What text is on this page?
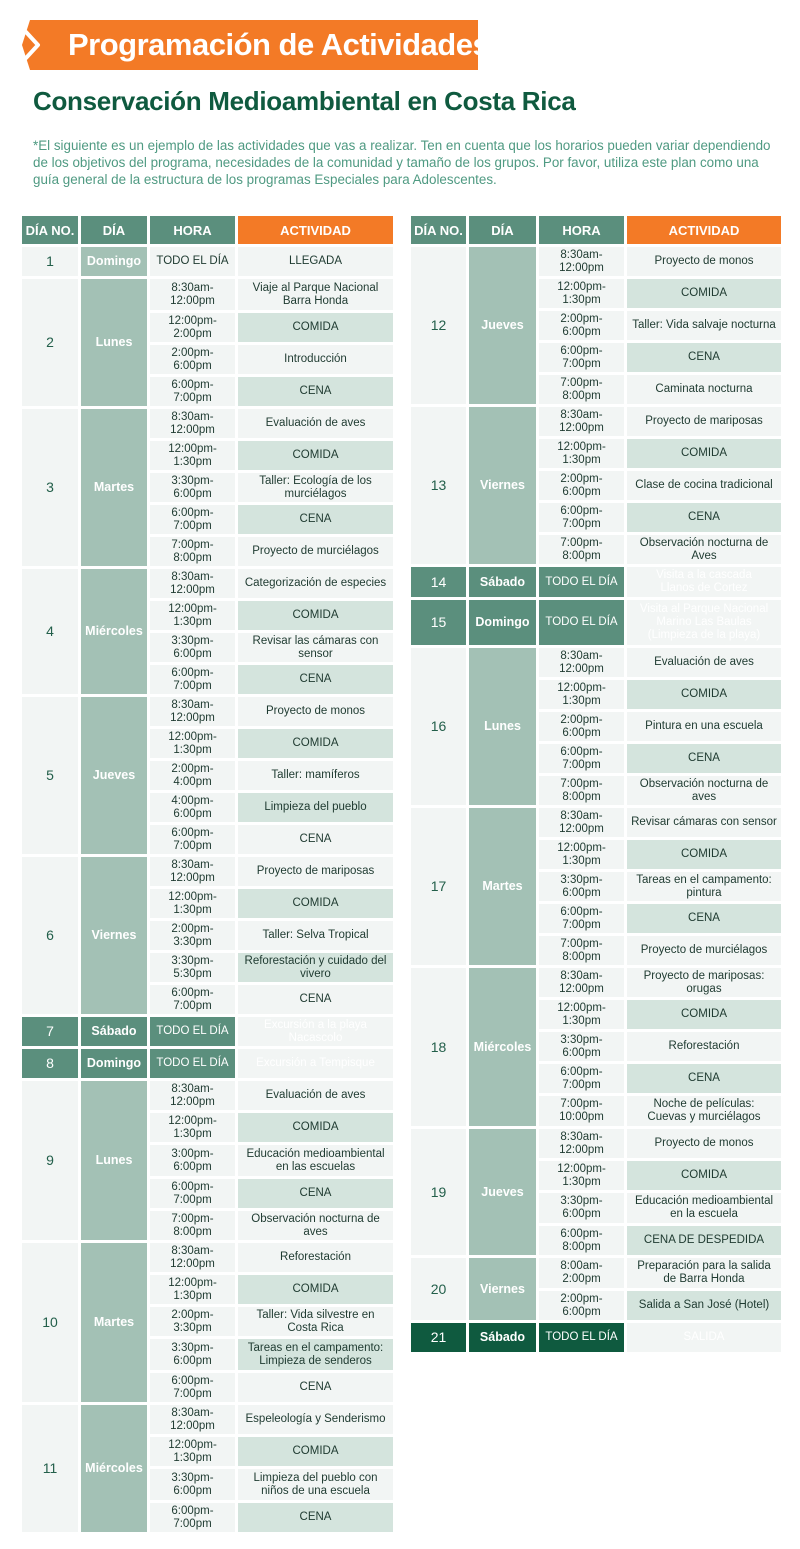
Programación de Actividades
Conservación Medioambiental en Costa Rica
*El siguiente es un ejemplo de las actividades que vas a realizar. Ten en cuenta que los horarios pueden variar dependiendo de los objetivos del programa, necesidades de la comunidad y tamaño de los grupos. Por favor, utiliza este plan como una guía general de la estructura de los programas Especiales para Adolescentes.
DÍA NO.	DÍA	HORA	ACTIVIDAD
1	Domingo	TODO EL DÍA	LLEGADA
2	Lunes	8:30am-12:00pm	Viaje al Parque Nacional
Barra Honda
		12:00pm-2:00pm	COMIDA
		2:00pm-6:00pm	Introducción
		6:00pm-7:00pm	CENA
3	Martes	8:30am-12:00pm	Evaluación de aves
		12:00pm-1:30pm	COMIDA
		3:30pm-6:00pm	Taller: Ecología de los murciélagos
		6:00pm-7:00pm	CENA
		7:00pm-8:00pm	Proyecto de murciélagos
4	Miércoles	8:30am-12:00pm	Categorización de especies
		12:00pm-1:30pm	COMIDA
		3:30pm-6:00pm	Revisar las cámaras con sensor
		6:00pm-7:00pm	CENA
5	Jueves	8:30am-12:00pm	Proyecto de monos
		12:00pm-1:30pm	COMIDA
		2:00pm-4:00pm	Taller: mamíferos
		4:00pm-6:00pm	Limpieza del pueblo
		6:00pm-7:00pm	CENA
6	Viernes	8:30am-12:00pm	Proyecto de mariposas
		12:00pm-1:30pm	COMIDA
		2:00pm-3:30pm	Taller: Selva Tropical
		3:30pm-5:30pm	Reforestación y cuidado del vivero
		6:00pm-7:00pm	CENA
7	Sábado	TODO EL DÍA	Excursión a la playa Nacascolo
8	Domingo	TODO EL DÍA	Excursión a Tempisque
9	Lunes	8:30am-12:00pm	Evaluación de aves
		12:00pm-1:30pm	COMIDA
		3:00pm-6:00pm	Educación medioambiental
en las escuelas
		6:00pm-7:00pm	CENA
		7:00pm-8:00pm	Observación nocturna de aves
10	Martes	8:30am-12:00pm	Reforestación
		12:00pm-1:30pm	COMIDA
		2:00pm-3:30pm	Taller: Vida silvestre en Costa Rica
		3:30pm-6:00pm	Tareas en el campamento:
Limpieza de senderos
		6:00pm-7:00pm	CENA
11	Miércoles	8:30am-12:00pm	Espeleología y Senderismo
		12:00pm-1:30pm	COMIDA
		3:30pm-6:00pm	Limpieza del pueblo con
niños de una escuela
		6:00pm-7:00pm	CENA
DÍA NO.	DÍA	HORA	ACTIVIDAD
12	Jueves	8:30am-12:00pm	Proyecto de monos
		12:00pm-1:30pm	COMIDA
		2:00pm-6:00pm	Taller: Vida salvaje nocturna
		6:00pm-7:00pm	CENA
		7:00pm-8:00pm	Caminata nocturna
13	Viernes	8:30am-12:00pm	Proyecto de mariposas
		12:00pm-1:30pm	COMIDA
		2:00pm-6:00pm	Clase de cocina tradicional
		6:00pm-7:00pm	CENA
		7:00pm-8:00pm	Observación nocturna de Aves
14	Sábado	TODO EL DÍA	Visita a la cascada
Llanos de Cortez
15	Domingo	TODO EL DÍA	Visita al Parque Nacional
Marino Las Baulas
(Limpieza de la playa)
16	Lunes	8:30am-12:00pm	Evaluación de aves
		12:00pm-1:30pm	COMIDA
		2:00pm-6:00pm	Pintura en una escuela
		6:00pm-7:00pm	CENA
		7:00pm-8:00pm	Observación nocturna de aves
17	Martes	8:30am-12:00pm	Revisar cámaras con sensor
		12:00pm-1:30pm	COMIDA
		3:30pm-6:00pm	Tareas en el campamento: pintura
		6:00pm-7:00pm	CENA
		7:00pm-8:00pm	Proyecto de murciélagos
18	Miércoles	8:30am-12:00pm	Proyecto de mariposas: orugas
		12:00pm-1:30pm	COMIDA
		3:30pm-6:00pm	Reforestación
		6:00pm-7:00pm	CENA
		7:00pm-10:00pm	Noche de películas:
Cuevas y murciélagos
19	Jueves	8:30am-12:00pm	Proyecto de monos
		12:00pm-1:30pm	COMIDA
		3:30pm-6:00pm	Educación medioambiental
en la escuela
		6:00pm-8:00pm	CENA DE DESPEDIDA
20	Viernes	8:00am-2:00pm	Preparación para la salida
de Barra Honda
		2:00pm-6:00pm	Salida a San José (Hotel)
21	Sábado	TODO EL DÍA	SALIDA
